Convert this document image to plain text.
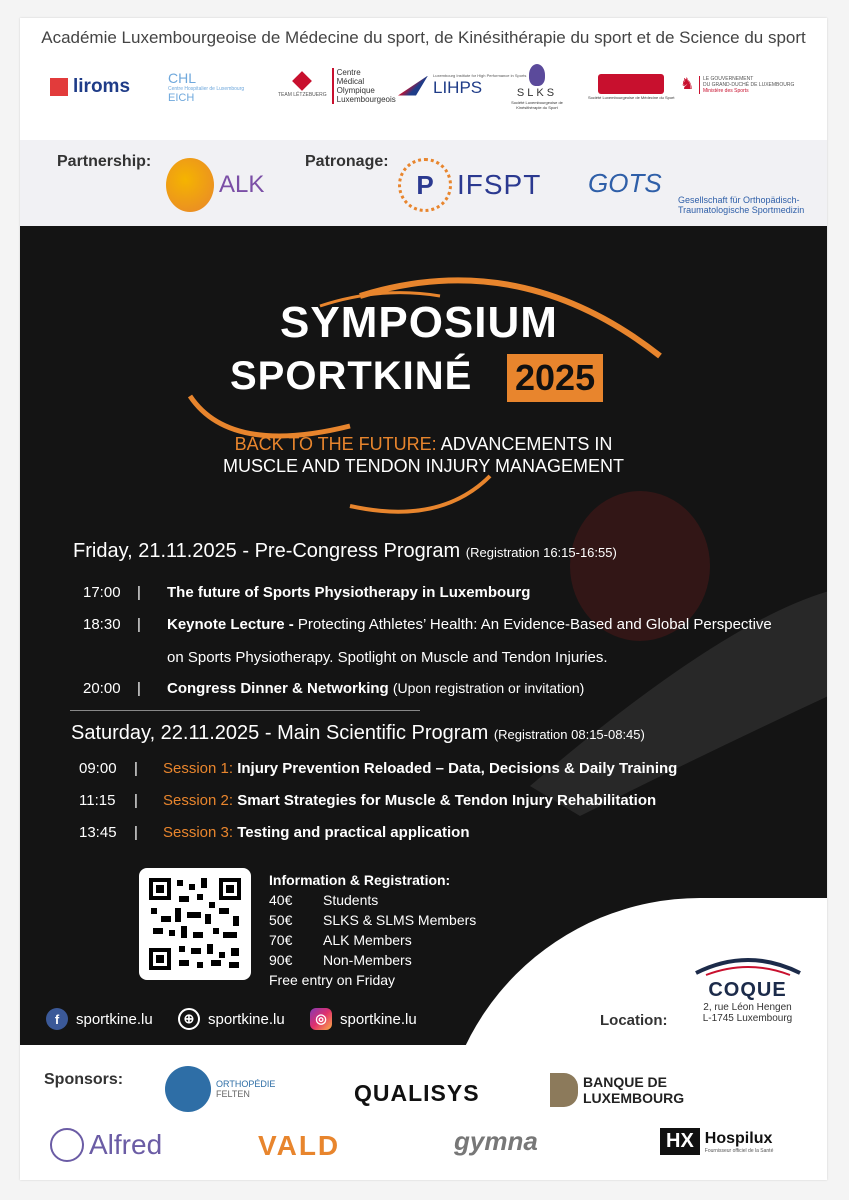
Académie Luxembourgeoise de Médecine du sport, de Kinésithérapie du sport et de Science du sport
liroms	CHL
Centre Hospitalier de Luxembourg
EICH	TEAM LËTZEBUERG
Centre
Médical
Olympique
Luxembourgeois
Luxembourg Institute for High Performance in Sports
LIHPS	SLKS
Société Luxembourgeoise de Kinésithérapie du Sport
Société Luxembourgeoise de Médecine du Sport
♞ LE GOUVERNEMENT
DU GRAND-DUCHÉ DE LUXEMBOURG
Ministère des Sports
Partnership:
ALK
Patronage:
P IFSPT GOTS
Gesellschaft für Orthopädisch-
Traumatologische Sportmedizin
SYMPOSIUM
SPORTKINÉ 2025
BACK TO THE FUTURE: ADVANCEMENTS IN
MUSCLE AND TENDON INJURY MANAGEMENT
Friday, 21.11.2025 - Pre-Congress Program (Registration 16:15-16:55)
17:00	| The future of Sports Physiotherapy in Luxembourg
18:30	| Keynote Lecture - Protecting Athletes’ Health: An Evidence-Based and Global Perspective
on Sports Physiotherapy. Spotlight on Muscle and Tendon Injuries.
20:00	| Congress Dinner & Networking (Upon registration or invitation)
Saturday, 22.11.2025 - Main Scientific Program (Registration 08:15-08:45)
09:00	| Session 1: Injury Prevention Reloaded – Data, Decisions & Daily Training
11:15	| Session 2: Smart Strategies for Muscle & Tendon Injury Rehabilitation
13:45	| Session 3: Testing and practical application
Information & Registration:
40€ Students
50€ SLKS & SLMS Members
70€ ALK Members
90€ Non-Members
Free entry on Friday
f	sportkine.lu	⊕ sportkine.lu	◎ sportkine.lu	Location:
COQUE
2, rue Léon Hengen
L-1745 Luxembourg
Sponsors:	ORTHOPÉDIE
FELTEN	QUALISYS	BANQUE DE
LUXEMBOURG
Alfred	VALD	gymna	HX Hospilux
Fournisseur officiel de la Santé
